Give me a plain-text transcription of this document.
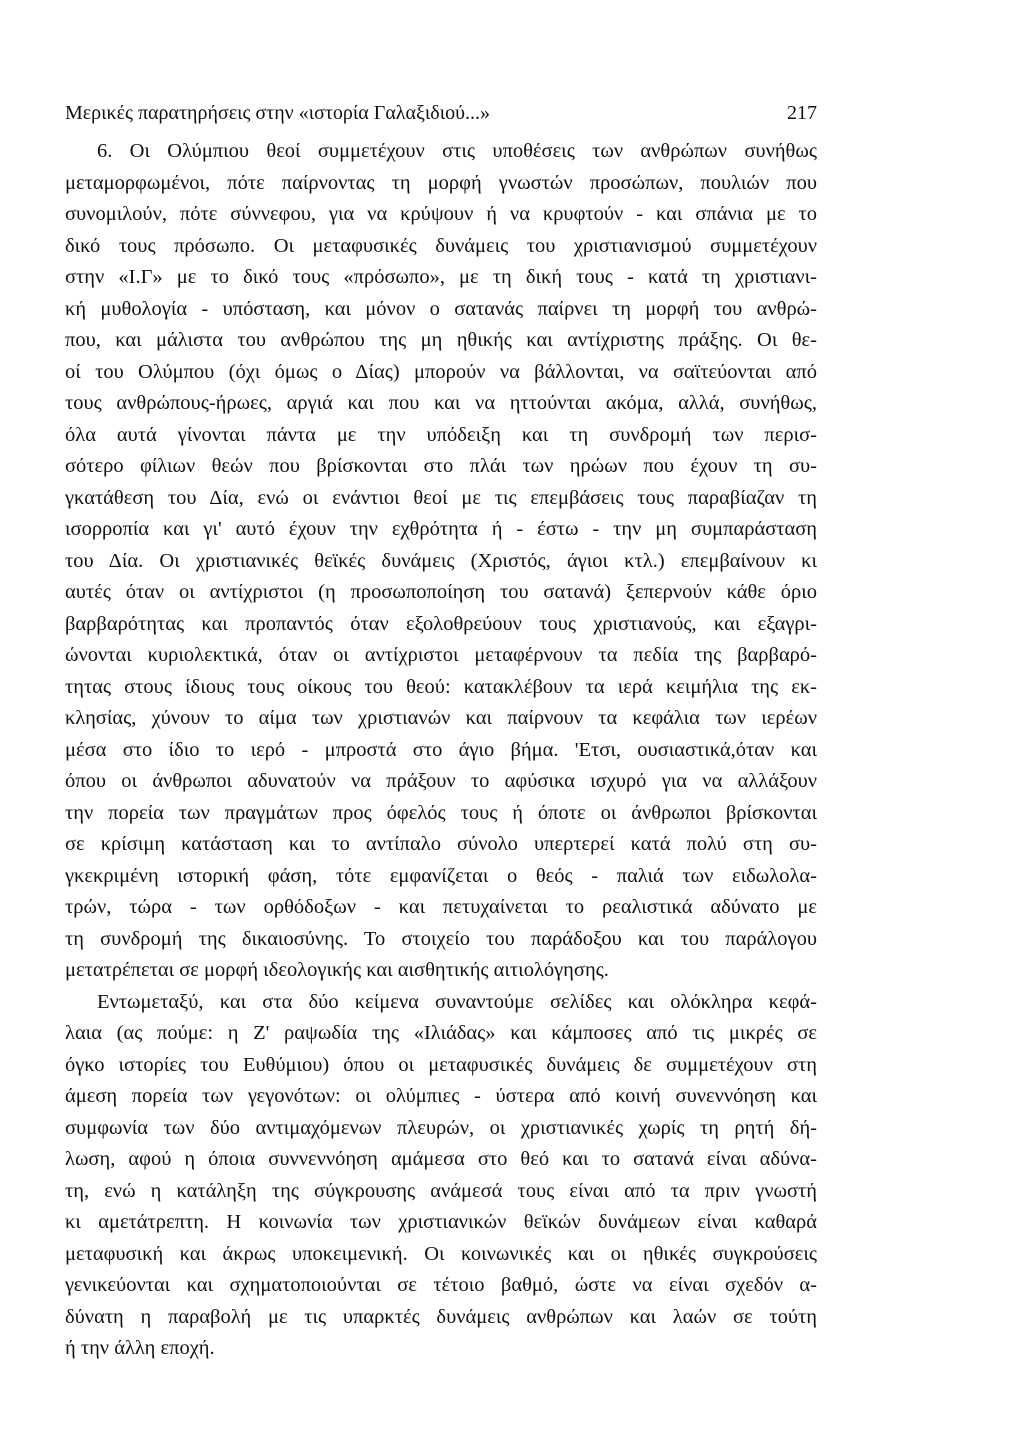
Μερικές παρατηρήσεις στην «ιστορία Γαλαξιδιού...»	217
6. Οι Ολύμπιου θεοί συμμετέχουν στις υποθέσεις των ανθρώπων συνήθως
μεταμορφωμένοι, πότε παίρνοντας τη μορφή γνωστών προσώπων, πουλιών που
συνομιλούν, πότε σύννεφου, για να κρύψουν ή να κρυφτούν - και σπάνια με το
δικό τους πρόσωπο. Οι μεταφυσικές δυνάμεις του χριστιανισμού συμμετέχουν
στην «Ι.Γ» με το δικό τους «πρόσωπο», με τη δική τους - κατά τη χριστιανι-
κή μυθολογία - υπόσταση, και μόνον ο σατανάς παίρνει τη μορφή του ανθρώ-
που, και μάλιστα του ανθρώπου της μη ηθικής και αντίχριστης πράξης. Οι θε-
οί του Ολύμπου (όχι όμως ο Δίας) μπορούν να βάλλονται, να σαϊτεύονται από
τους ανθρώπους-ήρωες, αργιά και που και να ηττούνται ακόμα, αλλά, συνήθως,
όλα αυτά γίνονται πάντα με την υπόδειξη και τη συνδρομή των περισ-
σότερο φίλιων θεών που βρίσκονται στο πλάι των ηρώων που έχουν τη συ-
γκατάθεση του Δία, ενώ οι ενάντιοι θεοί με τις επεμβάσεις τους παραβίαζαν τη
ισορροπία και γι' αυτό έχουν την εχθρότητα ή - έστω - την μη συμπαράσταση
του Δία. Οι χριστιανικές θεϊκές δυνάμεις (Χριστός, άγιοι κτλ.) επεμβαίνουν κι
αυτές όταν οι αντίχριστοι (η προσωποποίηση του σατανά) ξεπερνούν κάθε όριο
βαρβαρότητας και προπαντός όταν εξολοθρεύουν τους χριστιανούς, και εξαγρι-
ώνονται κυριολεκτικά, όταν οι αντίχριστοι μεταφέρνουν τα πεδία της βαρβαρό-
τητας στους ίδιους τους οίκους του θεού: κατακλέβουν τα ιερά κειμήλια της εκ-
κλησίας, χύνουν το αίμα των χριστιανών και παίρνουν τα κεφάλια των ιερέων
μέσα στο ίδιο το ιερό - μπροστά στο άγιο βήμα. 'Ετσι, ουσιαστικά,όταν και
όπου οι άνθρωποι αδυνατούν να πράξουν το αφύσικα ισχυρό για να αλλάξουν
την πορεία των πραγμάτων προς όφελός τους ή όποτε οι άνθρωποι βρίσκονται
σε κρίσιμη κατάσταση και το αντίπαλο σύνολο υπερτερεί κατά πολύ στη συ-
γκεκριμένη ιστορική φάση, τότε εμφανίζεται ο θεός - παλιά των ειδωλολα-
τρών, τώρα - των ορθόδοξων - και πετυχαίνεται το ρεαλιστικά αδύνατο με
τη συνδρομή της δικαιοσύνης. Το στοιχείο του παράδοξου και του παράλογου
μετατρέπεται σε μορφή ιδεολογικής και αισθητικής αιτιολόγησης.
Εντωμεταξύ, και στα δύο κείμενα συναντούμε σελίδες και ολόκληρα κεφά-
λαια (ας πούμε: η Ζ' ραψωδία της «Ιλιάδας» και κάμποσες από τις μικρές σε
όγκο ιστορίες του Ευθύμιου) όπου οι μεταφυσικές δυνάμεις δε συμμετέχουν στη
άμεση πορεία των γεγονότων: οι ολύμπιες - ύστερα από κοινή συνεννόηση και
συμφωνία των δύο αντιμαχόμενων πλευρών, οι χριστιανικές χωρίς τη ρητή δή-
λωση, αφού η όποια συννεννόηση αμάμεσα στο θεό και το σατανά είναι αδύνα-
τη, ενώ η κατάληξη της σύγκρουσης ανάμεσά τους είναι από τα πριν γνωστή
κι αμετάτρεπτη. Η κοινωνία των χριστιανικών θεϊκών δυνάμεων είναι καθαρά
μεταφυσική και άκρως υποκειμενική. Οι κοινωνικές και οι ηθικές συγκρούσεις
γενικεύονται και σχηματοποιούνται σε τέτοιο βαθμό, ώστε να είναι σχεδόν α-
δύνατη η παραβολή με τις υπαρκτές δυνάμεις ανθρώπων και λαών σε τούτη
ή την άλλη εποχή.
